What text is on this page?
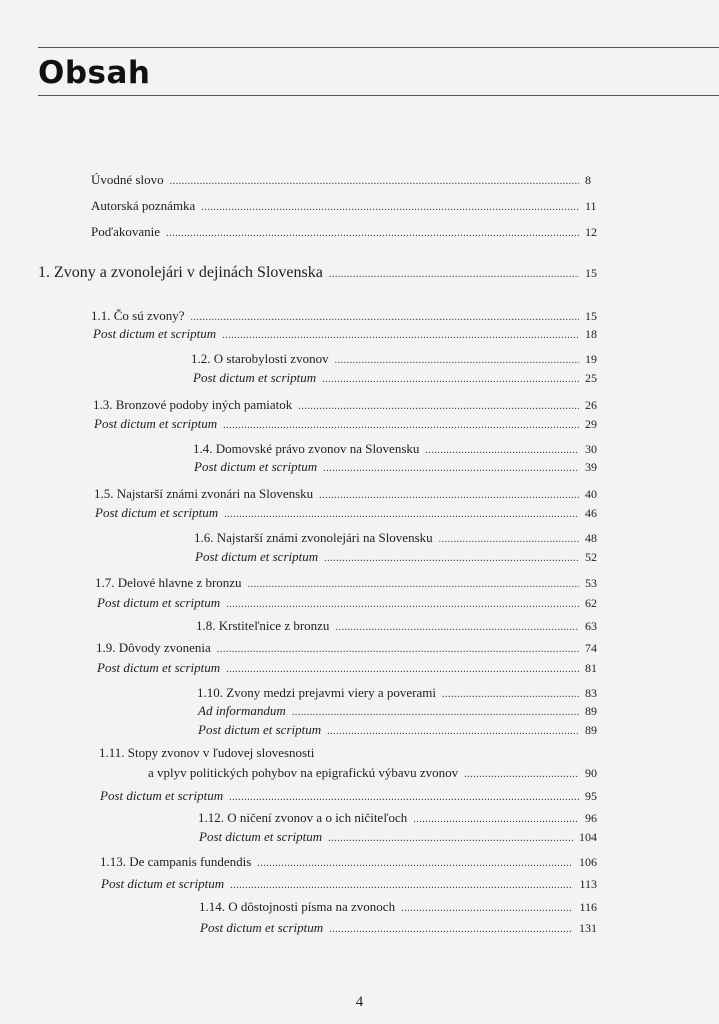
Obsah
Úvodné slovo .....	8
Autorská poznámka .....	11
Poďakovanie .....	12
1. Zvony a zvonolejári v dejinách Slovenska .....	15
1.1. Čo sú zvony? .....	15
Post dictum et scriptum .....	18
1.2. O starobylosti zvonov .....	19
Post dictum et scriptum .....	25
1.3. Bronzové podoby iných pamiatok .....	26
Post dictum et scriptum .....	29
1.4. Domovské právo zvonov na Slovensku .....	30
Post dictum et scriptum .....	39
1.5. Najstarší známi zvonári na Slovensku .....	40
Post dictum et scriptum .....	46
1.6. Najstarší známi zvonolejári na Slovensku .....	48
Post dictum et scriptum .....	52
1.7. Delové hlavne z bronzu .....	53
Post dictum et scriptum .....	62
1.8. Krstiteľnice z bronzu .....	63
1.9. Dôvody zvonenia .....	74
Post dictum et scriptum .....	81
1.10. Zvony medzi prejavmi viery a poverami .....	83
Ad informandum .....	89
Post dictum et scriptum .....	89
1.11. Stopy zvonov v ľudovej slovesnosti
a vplyv politických pohybov na epigrafickú výbavu zvonov .....	90
Post dictum et scriptum .....	95
1.12. O ničení zvonov a o ich ničiteľoch .....	96
Post dictum et scriptum .....	104
1.13. De campanis fundendis .....	106
Post dictum et scriptum .....	113
1.14. O dôstojnosti písma na zvonoch .....	116
Post dictum et scriptum .....	131
4
